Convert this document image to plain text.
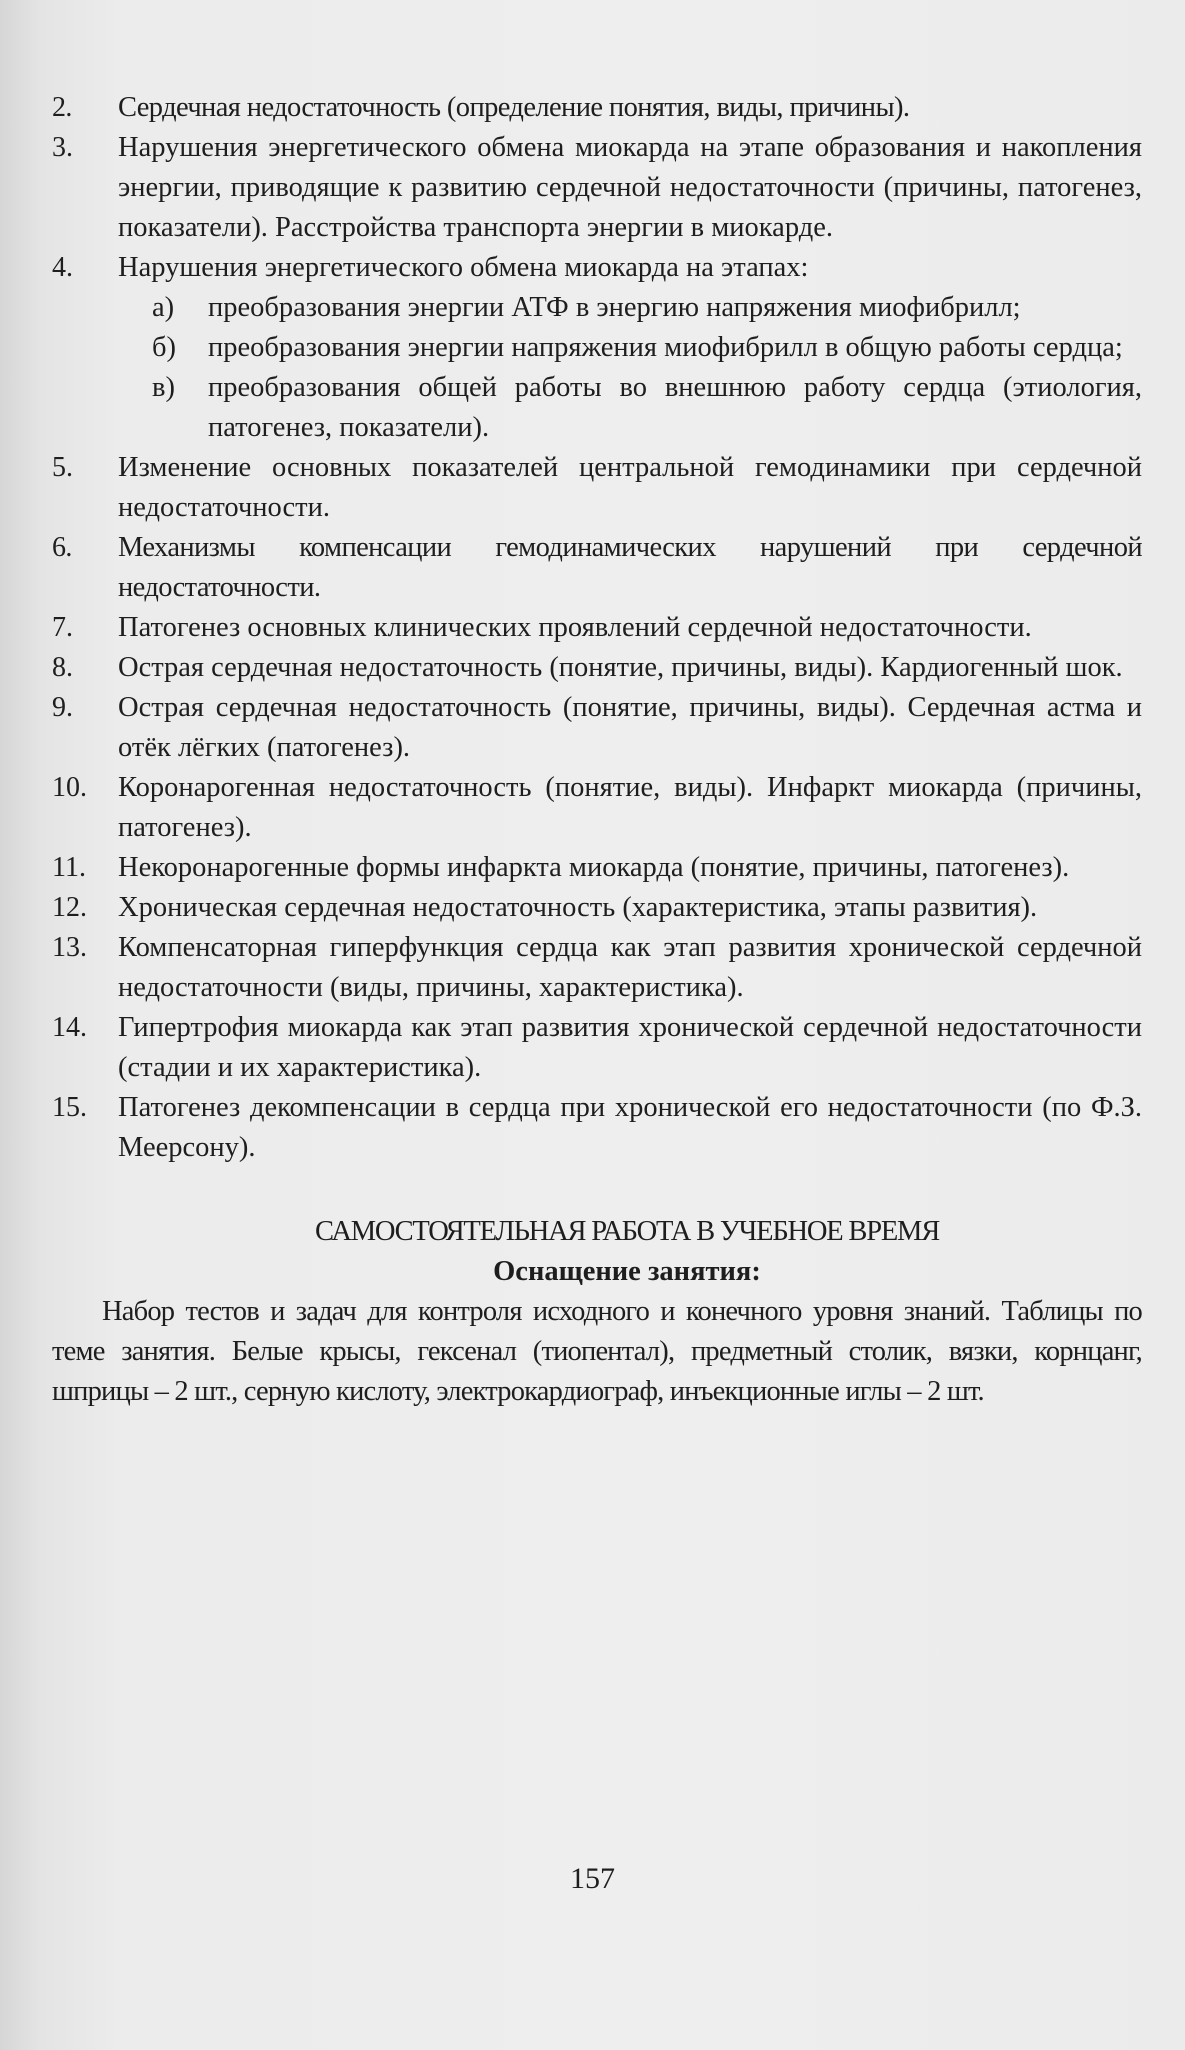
2.	Сердечная недостаточность (определение понятия, виды, причины).
3.	Нарушения энергетического обмена миокарда на этапе образования и накопления энергии, приводящие к развитию сердечной недостаточности (причины, патогенез, показатели). Расстройства транспорта энергии в миокарде.
4.	Нарушения энергетического обмена миокарда на этапах:
а) преобразования энергии АТФ в энергию напряжения миофибрилл;
б) преобразования энергии напряжения миофибрилл в общую работы сердца;
в) преобразования общей работы во внешнюю работу сердца (этиология, патогенез, показатели).
5.	Изменение основных показателей центральной гемодинамики при сердечной недостаточности.
6.	Механизмы компенсации гемодинамических нарушений при сердечной недостаточности.
7.	Патогенез основных клинических проявлений сердечной недостаточности.
8.	Острая сердечная недостаточность (понятие, причины, виды). Кардиогенный шок.
9.	Острая сердечная недостаточность (понятие, причины, виды). Сердечная астма и отёк лёгких (патогенез).
10.	Коронарогенная недостаточность (понятие, виды). Инфаркт миокарда (причины, патогенез).
11.	Некоронарогенные формы инфаркта миокарда (понятие, причины, патогенез).
12.	Хроническая сердечная недостаточность (характеристика, этапы развития).
13.	Компенсаторная гиперфункция сердца как этап развития хронической сердечной недостаточности (виды, причины, характеристика).
14.	Гипертрофия миокарда как этап развития хронической сердечной недостаточности (стадии и их характеристика).
15.	Патогенез декомпенсации в сердца при хронической его недостаточности (по Ф.З. Меерсону).
САМОСТОЯТЕЛЬНАЯ РАБОТА В УЧЕБНОЕ ВРЕМЯ
Оснащение занятия:

Набор тестов и задач для контроля исходного и конечного уровня знаний. Таблицы по теме занятия. Белые крысы, гексенал (тиопентал), предметный столик, вязки, корнцанг, шприцы – 2 шт., серную кислоту, электрокардиограф, инъекционные иглы – 2 шт.

157
